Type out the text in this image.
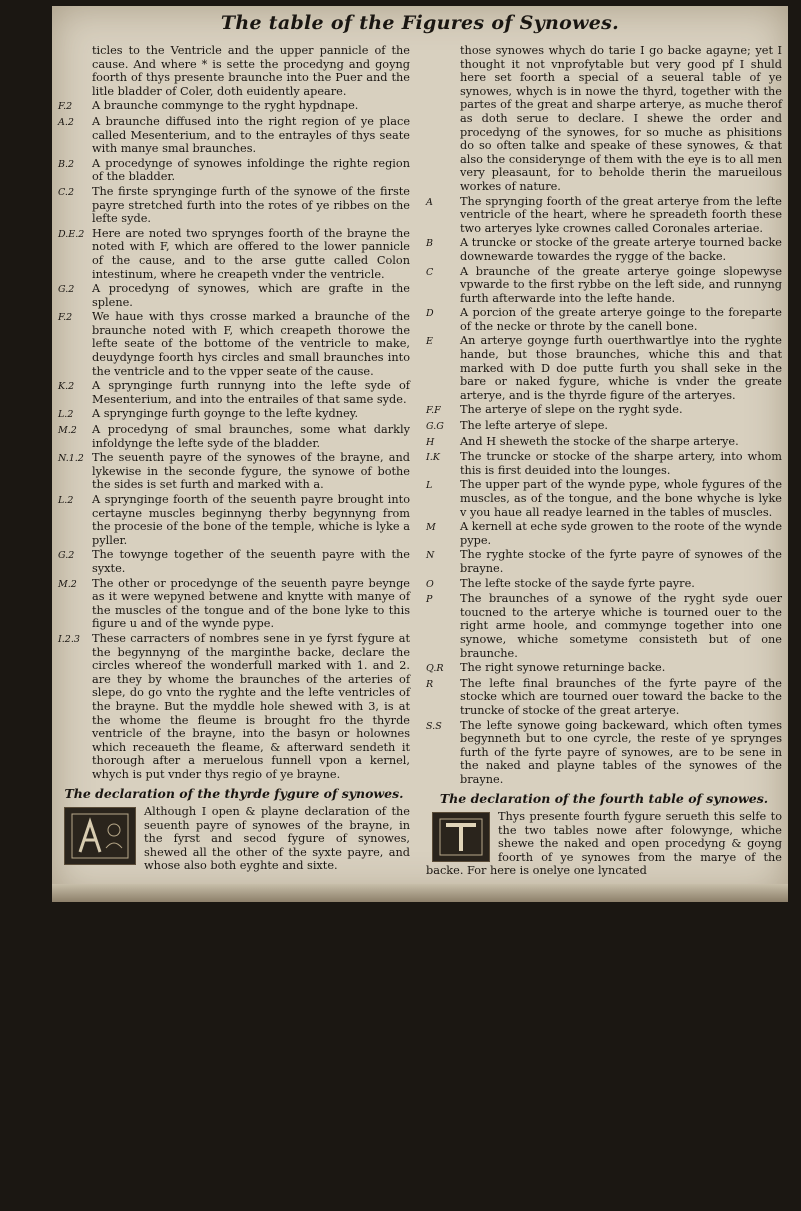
The table of the Figures of Synowes.
ticles to the Ventricle and the upper pannicle of the cause. And where * is sette the procedyng and goyng foorth of thys presente braunche into the Puer and the litle bladder of Coler, doth euidently apeare.
F.2	A braunche commynge to the ryght hypdnape.
A.2	A braunche diffused into the right region of ye place called Mesenterium, and to the entrayles of thys seate with manye smal braunches.
B.2	A procedynge of synowes infoldinge the righte region of the bladder.
C.2	The firste sprynginge furth of the synowe of the firste payre stretched furth into the rotes of ye ribbes on the lefte syde.
D.E.2 Here are noted two sprynges foorth of the brayne the noted with F, which are offered to the lower pannicle of the cause, and to the arse gutte called Colon intestinum, where he creapeth vnder the ventricle.
G.2	A procedyng of synowes, which are grafte in the splene.
F.2	We haue with thys crosse marked a braunche of the braunche noted with F, which creapeth thorowe the lefte seate of the bottome of the ventricle to make, deuydynge foorth hys circles and small braunches into the ventricle and to the vpper seate of the cause.
K.2	A sprynginge furth runnyng into the lefte syde of Mesenterium, and into the entrailes of that same syde.
L.2	A sprynginge furth goynge to the lefte kydney.
M.2	A procedyng of smal braunches, some what darkly infoldynge the lefte syde of the bladder.
N.1.2 The seuenth payre of the synowes of the brayne, and lykewise in the seconde fygure, the synowe of bothe the sides is set furth and marked with a.
L.2	A sprynginge foorth of the seuenth payre brought into certayne muscles beginnyng therby begynnyng from the procesie of the bone of the temple, whiche is lyke a pyller.
G.2	The towynge together of the seuenth payre with the syxte.
M.2	The other or procedynge of the seuenth payre beynge as it were wepyned betwene and knytte with manye of the muscles of the tongue and of the bone lyke to this figure u and of the wynde pype.
I.2.3	These carracters of nombres sene in ye fyrst fygure at the begynnyng of the marginthe backe, declare the circles whereof the wonderfull marked with 1. and 2. are they by whome the braunches of the arteries of slepe, do go vnto the ryghte and the lefte ventricles of the brayne. But the myddle hole shewed with 3, is at the whome the fleume is brought fro the thyrde ventricle of the brayne, into the basyn or holownes which receaueth the fleame, & afterward sendeth it thorough after a meruelous funnell vpon a kernel, whych is put vnder thys regio of ye brayne.
The declaration of the thyrde fygure of synowes.
Although I open & playne declaration of the seuenth payre of synowes of the brayne, in the fyrst and secod fygure of synowes, shewed all the other of the syxte payre, and whose also both eyghte and sixte.
those synowes whych do tarie I go backe agayne; yet I thought it not vnprofytable but very good pf I shuld here set foorth a special of a seueral table of ye synowes, whych is in nowe the thyrd, together with the partes of the great and sharpe arterye, as muche therof as doth serue to declare. I shewe the order and procedyng of the synowes, for so muche as phisitions do so often talke and speake of these synowes, & that also the considerynge of them with the eye is to all men very pleasaunt, for to beholde therin the marueilous workes of nature.
A	The sprynging foorth of the great arterye from the lefte ventricle of the heart, where he spreadeth foorth these two arteryes lyke crownes called Coronales arteriae.
B	A truncke or stocke of the greate arterye tourned backe downewarde towardes the rygge of the backe.
C	A braunche of the greate arterye goinge slopewyse vpwarde to the first rybbe on the left side, and runnyng furth afterwarde into the lefte hande.
D	A porcion of the greate arterye goinge to the foreparte of the necke or throte by the canell bone.
E	An arterye goynge furth ouerthwartlye into the ryghte hande, but those braunches, whiche this and that marked with D doe putte furth you shall seke in the bare or naked fygure, whiche is vnder the greate arterye, and is the thyrde figure of the arteryes.
F.F	The arterye of slepe on the ryght syde.
G.G	The lefte arterye of slepe.
H	And H sheweth the stocke of the sharpe arterye.
I.K	The truncke or stocke of the sharpe artery, into whom this is first deuided into the lounges.
L	The upper part of the wynde pype, whole fygures of the muscles, as of the tongue, and the bone whyche is lyke v you haue all readye learned in the tables of muscles.
M	A kernell at eche syde growen to the roote of the wynde pype.
N	The ryghte stocke of the fyrte payre of synowes of the brayne.
O	The lefte stocke of the sayde fyrte payre.
P	The braunches of a synowe of the ryght syde ouer toucned to the arterye whiche is tourned ouer to the right arme hoole, and commynge together into one synowe, whiche sometyme consisteth but of one braunche.
Q.R	The right synowe returninge backe.
R	The lefte final braunches of the fyrte payre of the stocke which are tourned ouer toward the backe to the truncke of stocke of the great arterye.
S.S	The lefte synowe going backeward, which often tymes begynneth but to one cyrcle, the reste of ye sprynges furth of the fyrte payre of synowes, are to be sene in the naked and playne tables of the synowes of the brayne.
The declaration of the fourth table of synowes.
Thys presente fourth fygure serueth this selfe to the two tables nowe after folowynge, whiche shewe the naked and open procedyng & goyng foorth of ye synowes from the marye of the backe. For here is onelye one lyncated
